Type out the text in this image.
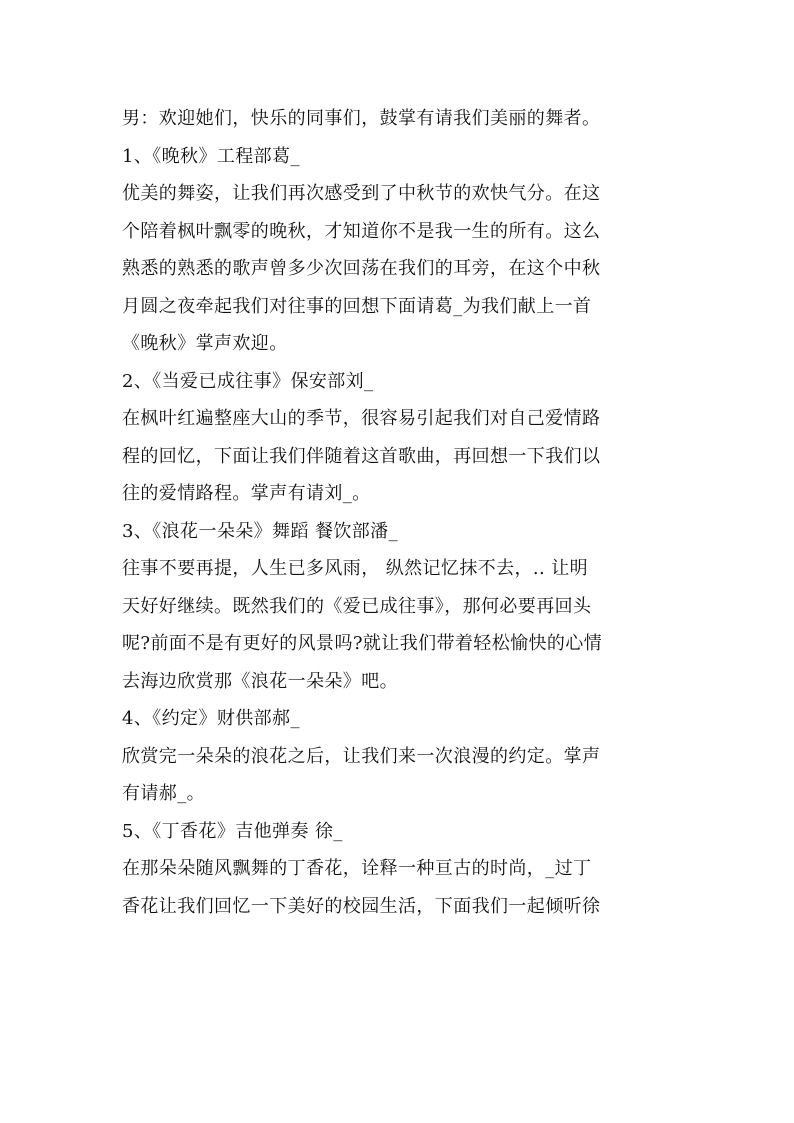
男：欢迎她们，快乐的同事们，鼓掌有请我们美丽的舞者。
1、《晚秋》工程部葛_
优美的舞姿，让我们再次感受到了中秋节的欢快气分。在这
个陪着枫叶飘零的晚秋，才知道你不是我一生的所有。这么
熟悉的熟悉的歌声曾多少次回荡在我们的耳旁，在这个中秋
月圆之夜牵起我们对往事的回想下面请葛_为我们献上一首
《晚秋》掌声欢迎。
2、《当爱已成往事》保安部刘_
在枫叶红遍整座大山的季节，很容易引起我们对自己爱情路
程的回忆，下面让我们伴随着这首歌曲，再回想一下我们以
往的爱情路程。掌声有请刘_。
3、《浪花一朵朵》舞蹈 餐饮部潘_
往事不要再提，人生已多风雨， 纵然记忆抹不去，.. 让明
天好好继续。既然我们的《爱已成往事》，那何必要再回头
呢?前面不是有更好的风景吗?就让我们带着轻松愉快的心情
去海边欣赏那《浪花一朵朵》吧。
4、《约定》财供部郝_
欣赏完一朵朵的浪花之后，让我们来一次浪漫的约定。掌声
有请郝_。
5、《丁香花》吉他弹奏 徐_
在那朵朵随风飘舞的丁香花，诠释一种亘古的时尚，_过丁
香花让我们回忆一下美好的校园生活，下面我们一起倾听徐
